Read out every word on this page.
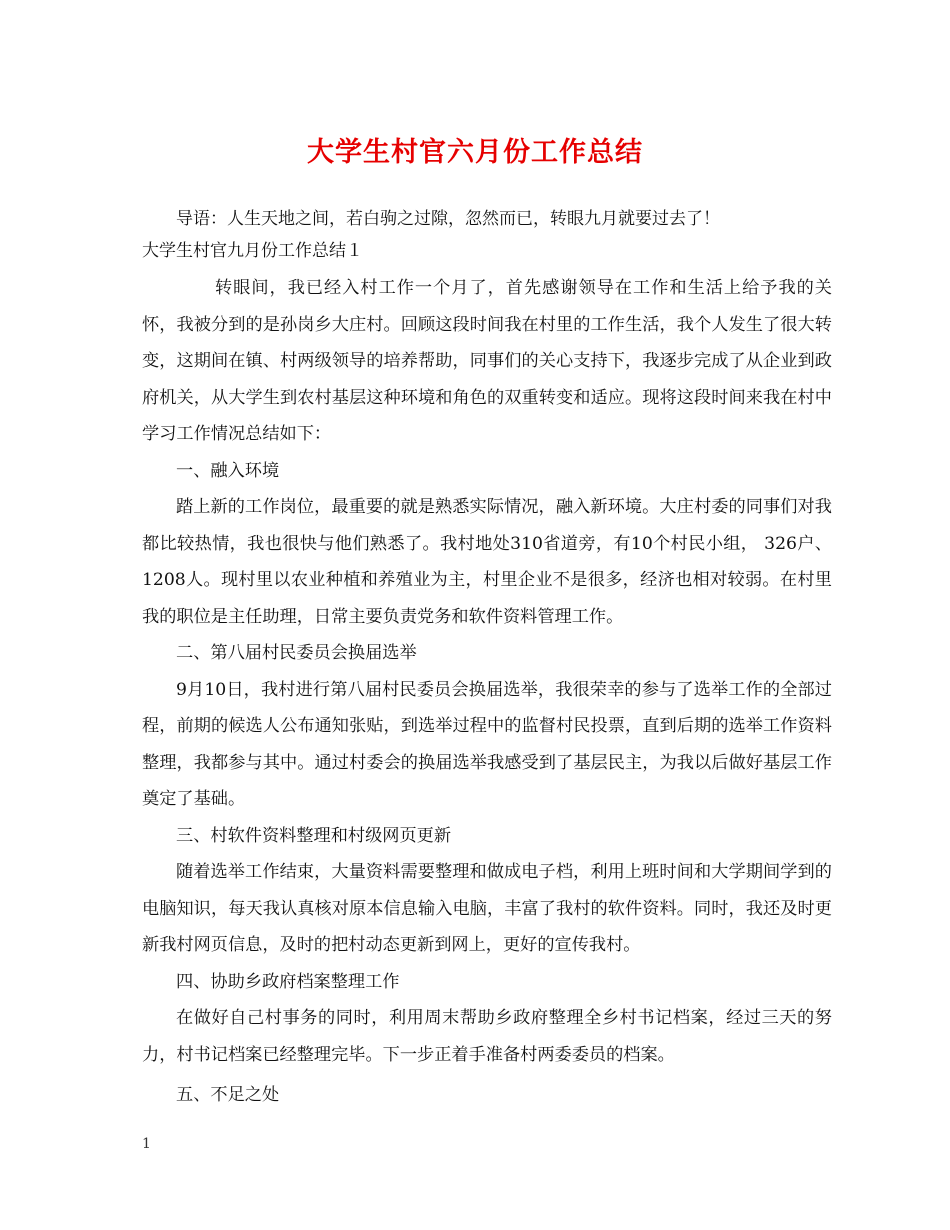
大学生村官六月份工作总结
导语：人生天地之间，若白驹之过隙，忽然而已，转眼九月就要过去了！
大学生村官九月份工作总结１

转眼间，我已经入村工作一个月了，首先感谢领导在工作和生活上给予我的关怀，我被分到的是孙岗乡大庄村。回顾这段时间我在村里的工作生活，我个人发生了很大转变，这期间在镇、村两级领导的培养帮助，同事们的关心支持下，我逐步完成了从企业到政府机关，从大学生到农村基层这种环境和角色的双重转变和适应。现将这段时间来我在村中学习工作情况总结如下：

一、融入环境

踏上新的工作岗位，最重要的就是熟悉实际情况，融入新环境。大庄村委的同事们对我都比较热情，我也很快与他们熟悉了。我村地处310省道旁，有10个村民小组， 326户、1208人。现村里以农业种植和养殖业为主，村里企业不是很多，经济也相对较弱。在村里我的职位是主任助理，日常主要负责党务和软件资料管理工作。

二、第八届村民委员会换届选举

9月10日，我村进行第八届村民委员会换届选举，我很荣幸的参与了选举工作的全部过程，前期的候选人公布通知张贴，到选举过程中的监督村民投票，直到后期的选举工作资料整理，我都参与其中。通过村委会的换届选举我感受到了基层民主，为我以后做好基层工作奠定了基础。

三、村软件资料整理和村级网页更新

随着选举工作结束，大量资料需要整理和做成电子档，利用上班时间和大学期间学到的电脑知识，每天我认真核对原本信息输入电脑，丰富了我村的软件资料。同时，我还及时更新我村网页信息，及时的把村动态更新到网上，更好的宣传我村。

四、协助乡政府档案整理工作

在做好自己村事务的同时，利用周末帮助乡政府整理全乡村书记档案，经过三天的努力，村书记档案已经整理完毕。下一步正着手准备村两委委员的档案。

五、不足之处

1
